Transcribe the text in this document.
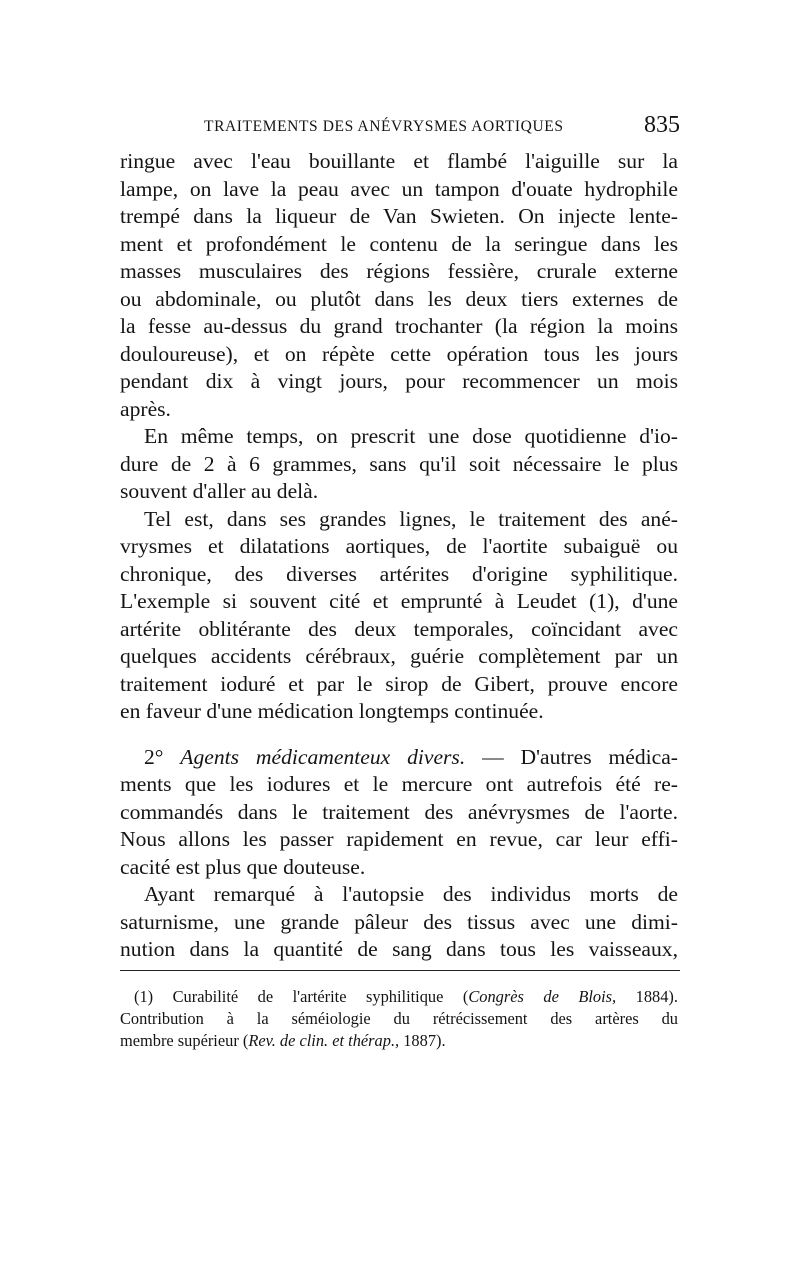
TRAITEMENTS DES ANÉVRYSMES AORTIQUES	835
ringue avec l'eau bouillante et flambé l'aiguille sur la
lampe, on lave la peau avec un tampon d'ouate hydrophile
trempé dans la liqueur de Van Swieten. On injecte lente-
ment et profondément le contenu de la seringue dans les
masses musculaires des régions fessière, crurale externe
ou abdominale, ou plutôt dans les deux tiers externes de
la fesse au-dessus du grand trochanter (la région la moins
douloureuse), et on répète cette opération tous les jours
pendant dix à vingt jours, pour recommencer un mois
après.
En même temps, on prescrit une dose quotidienne d'io-
dure de 2 à 6 grammes, sans qu'il soit nécessaire le plus
souvent d'aller au delà.
Tel est, dans ses grandes lignes, le traitement des ané-
vrysmes et dilatations aortiques, de l'aortite subaiguë ou
chronique, des diverses artérites d'origine syphilitique.
L'exemple si souvent cité et emprunté à Leudet (1), d'une
artérite oblitérante des deux temporales, coïncidant avec
quelques accidents cérébraux, guérie complètement par un
traitement ioduré et par le sirop de Gibert, prouve encore
en faveur d'une médication longtemps continuée.
2° Agents médicamenteux divers. — D'autres médica-
ments que les iodures et le mercure ont autrefois été re-
commandés dans le traitement des anévrysmes de l'aorte.
Nous allons les passer rapidement en revue, car leur effi-
cacité est plus que douteuse.
Ayant remarqué à l'autopsie des individus morts de
saturnisme, une grande pâleur des tissus avec une dimi-
nution dans la quantité de sang dans tous les vaisseaux,
(1) Curabilité de l'artérite syphilitique (Congrès de Blois, 1884).
Contribution à la séméiologie du rétrécissement des artères du
membre supérieur (Rev. de clin. et thérap., 1887).
